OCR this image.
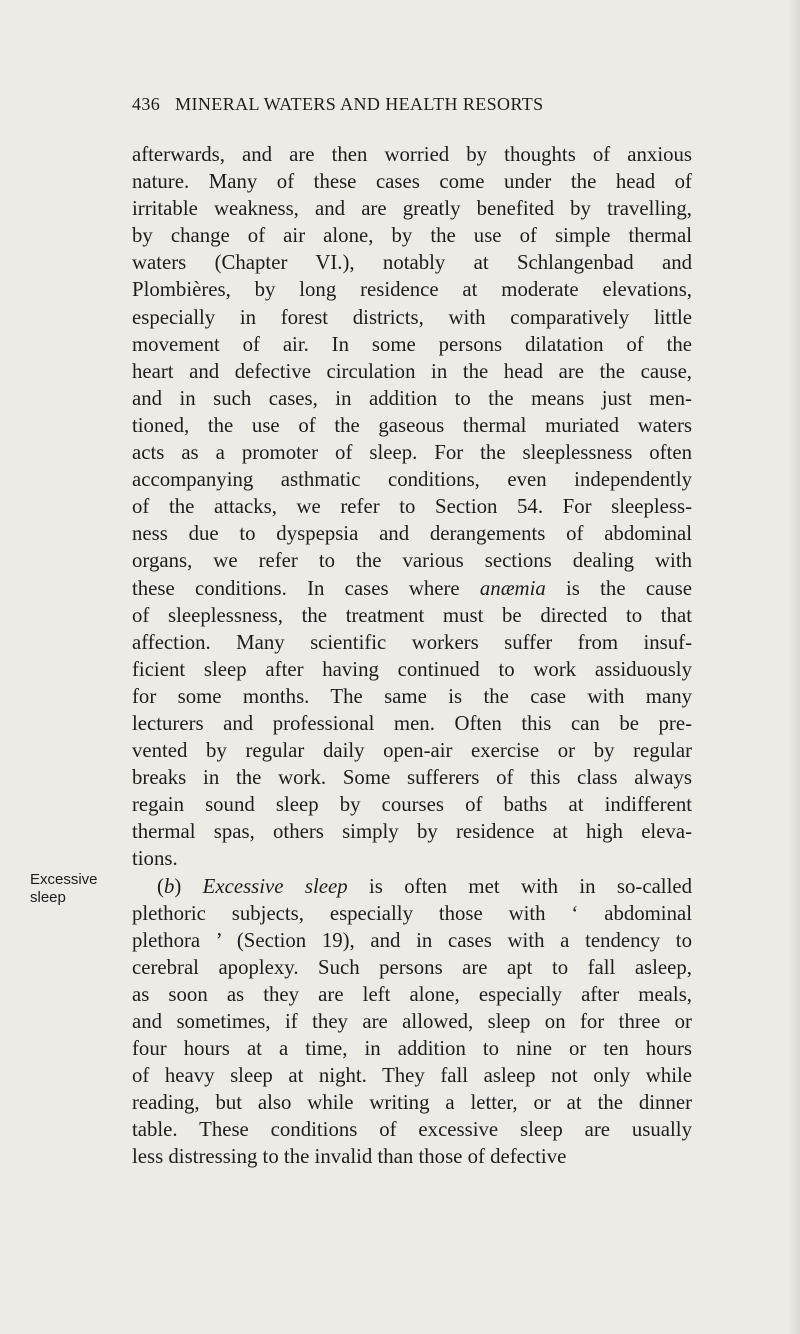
436 MINERAL WATERS AND HEALTH RESORTS
Excessive
sleep
afterwards, and are then worried by thoughts of anxious
nature. Many of these cases come under the head of
irritable weakness, and are greatly benefited by travelling,
by change of air alone, by the use of simple thermal
waters (Chapter VI.), notably at Schlangenbad and
Plombières, by long residence at moderate elevations,
especially in forest districts, with comparatively little
movement of air. In some persons dilatation of the
heart and defective circulation in the head are the cause,
and in such cases, in addition to the means just men-
tioned, the use of the gaseous thermal muriated waters
acts as a promoter of sleep. For the sleeplessness often
accompanying asthmatic conditions, even independently
of the attacks, we refer to Section 54. For sleepless-
ness due to dyspepsia and derangements of abdominal
organs, we refer to the various sections dealing with
these conditions. In cases where anæmia is the cause
of sleeplessness, the treatment must be directed to that
affection. Many scientific workers suffer from insuf-
ficient sleep after having continued to work assiduously
for some months. The same is the case with many
lecturers and professional men. Often this can be pre-
vented by regular daily open-air exercise or by regular
breaks in the work. Some sufferers of this class always
regain sound sleep by courses of baths at indifferent
thermal spas, others simply by residence at high eleva-
tions.
(b) Excessive sleep is often met with in so-called
plethoric subjects, especially those with ‘ abdominal
plethora ’ (Section 19), and in cases with a tendency to
cerebral apoplexy. Such persons are apt to fall asleep,
as soon as they are left alone, especially after meals,
and sometimes, if they are allowed, sleep on for three or
four hours at a time, in addition to nine or ten hours
of heavy sleep at night. They fall asleep not only while
reading, but also while writing a letter, or at the dinner
table. These conditions of excessive sleep are usually
less distressing to the invalid than those of defective
